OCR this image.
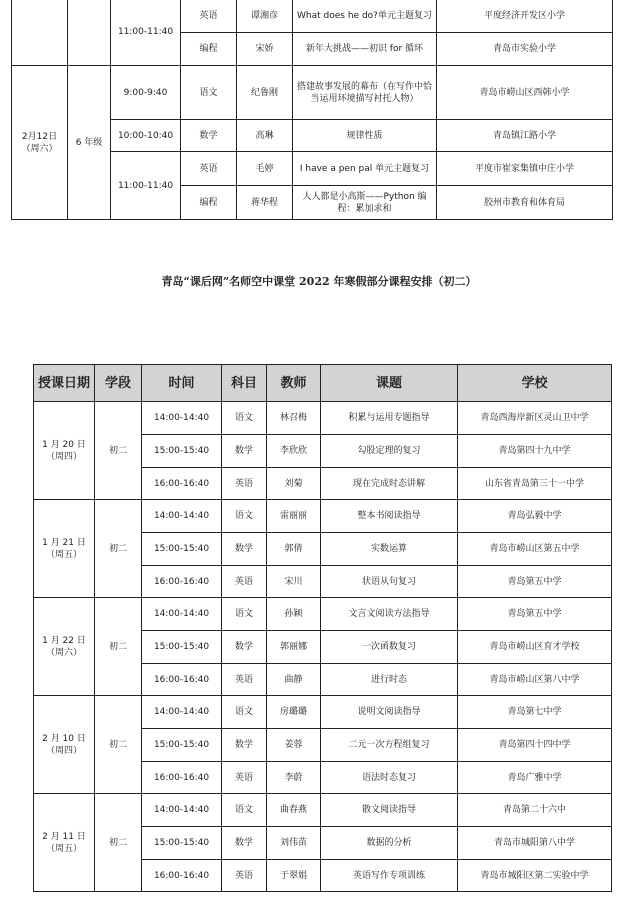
		11:00-11:40	英语	谭湘彦	What does he do?单元主题复习	平度经济开发区小学
			编程	宋娇	新年大挑战——初识 for 循环	青岛市实验小学

2月12日
（周六）	6 年级	9:00-9:40	语文	纪鲁刚	搭建故事发展的幕布（在写作中恰当运用环境描写衬托人物）	青岛市崂山区西韩小学
		10:00-10:40	数学	高琳	规律性质	青岛镇江路小学
		11:00-11:40	英语	毛婷	I have a pen pal 单元主题复习	平度市崔家集镇中庄小学
			编程	蒋华程	人人都是小高斯——Python 编程：累加求和	胶州市教育和体育局
青岛“课后网”名师空中课堂 2022 年寒假部分课程安排（初二）
授课日期	学段	时间	科目	教师	课题	学校

1 月 20 日
（周四）	初二	14:00-14:40	语文	林召梅	积累与运用专题指导	青岛西海岸新区灵山卫中学
		15:00-15:40	数学	李欣欣	勾股定理的复习	青岛第四十九中学
		16:00-16:40	英语	刘菊	现在完成时态讲解	山东省青岛第三十一中学

1 月 21 日
（周五）	初二	14:00-14:40	语文	雷丽丽	整本书阅读指导	青岛弘毅中学
		15:00-15:40	数学	郭倩	实数运算	青岛市崂山区第五中学
		16:00-16:40	英语	宋川	状语从句复习	青岛第五中学

1 月 22 日
（周六）	初二	14:00-14:40	语文	孙颖	文言文阅读方法指导	青岛第五中学
		15:00-15:40	数学	郭丽娜	一次函数复习	青岛市崂山区育才学校
		16:00-16:40	英语	曲静	进行时态	青岛市崂山区第八中学

2 月 10 日
（周四）	初二	14:00-14:40	语文	房璐璐	说明文阅读指导	青岛第七中学
		15:00-15:40	数学	姜蓉	二元一次方程组复习	青岛第四十四中学
		16:00-16:40	英语	李蔚	语法时态复习	青岛广雅中学

2 月 11 日
（周五）	初二	14:00-14:40	语文	曲春燕	散文阅读指导	青岛第二十六中
		15:00-15:40	数学	刘伟苗	数据的分析	青岛市城阳第八中学
		16:00-16:40	英语	于翠娟	英语写作专项训练	青岛市城阳区第二实验中学
